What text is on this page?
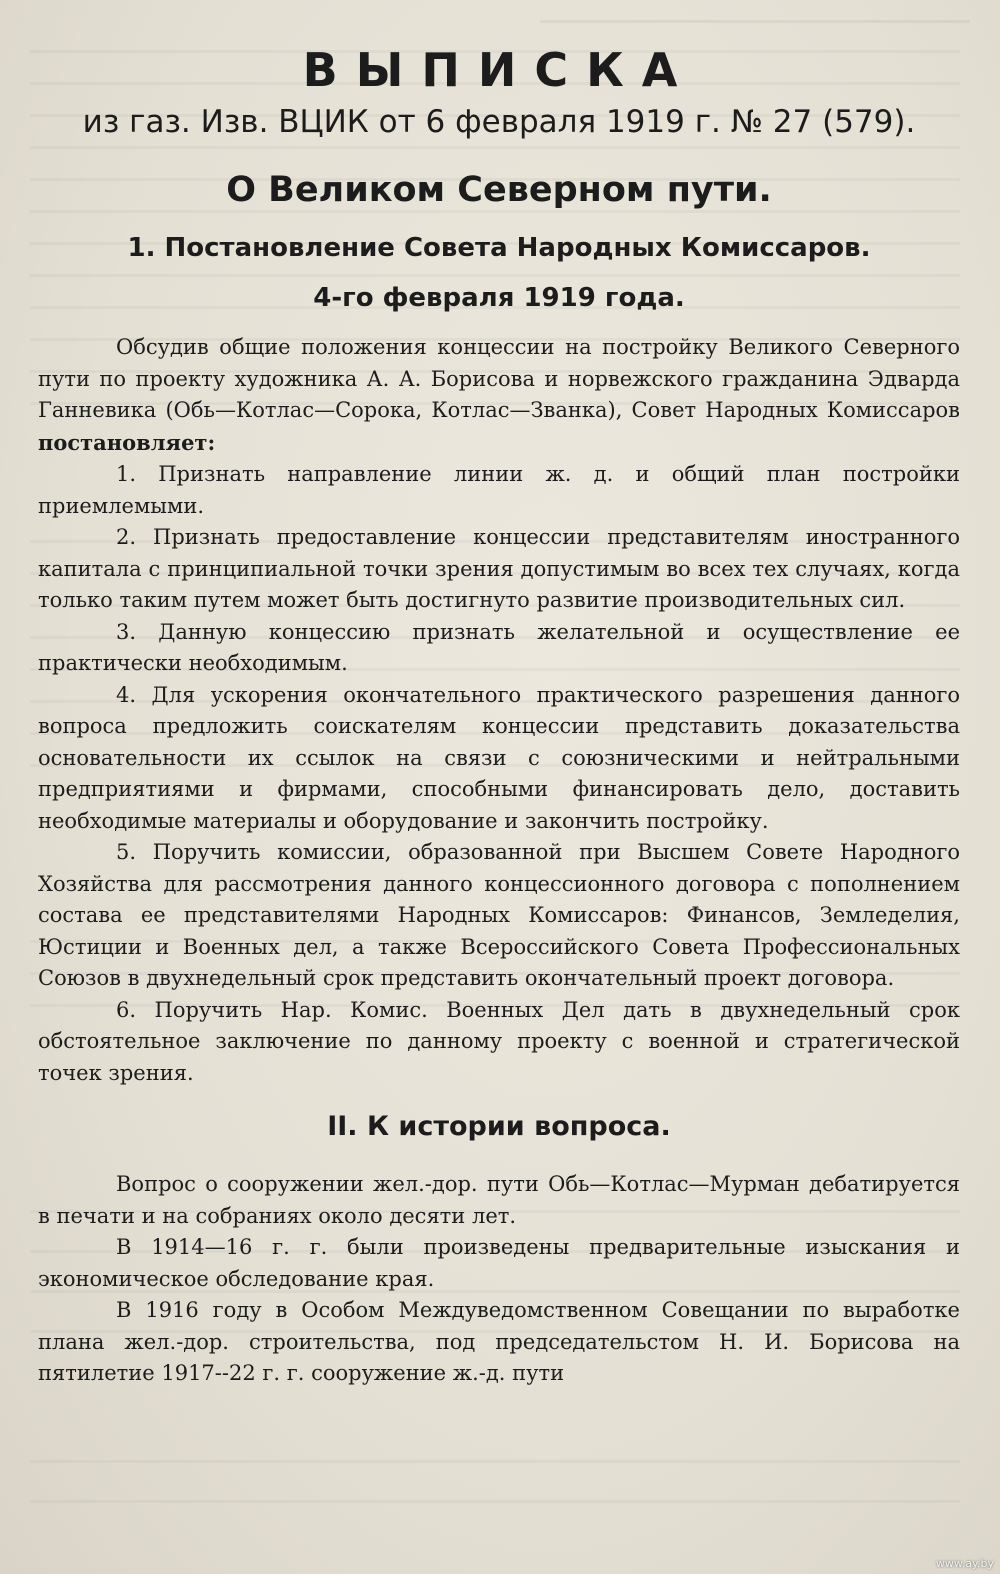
ВЫПИСКА

из газ. Изв. ВЦИК от 6 февраля 1919 г. № 27 (579).

О Великом Северном пути.
1. Постановление Совета Народных Комиссаров.

4-го февраля 1919 года.

Обсудив общие положения концессии на постройку Великого Северного пути по проекту художника А. А. Борисова и норвежского гражданина Эдварда Ганневика (Обь—Котлас—Сорока, Котлас—Званка), Совет Народных Комиссаров постановляет:

1. Признать направление линии ж. д. и общий план постройки приемлемыми.

2. Признать предоставление концессии представителям иностранного капитала с принципиальной точки зрения допустимым во всех тех случаях, когда только таким путем может быть достигнуто развитие производительных сил.

3. Данную концессию признать желательной и осуществление ее практически необходимым.

4. Для ускорения окончательного практического разрешения данного вопроса предложить соискателям концессии представить доказательства основательности их ссылок на связи с союзническими и нейтральными предприятиями и фирмами, способными финансировать дело, доставить необходимые материалы и оборудование и закончить постройку.

5. Поручить комиссии, образованной при Высшем Совете Народного Хозяйства для рассмотрения данного концессионного договора с пополнением состава ее представителями Народных Комиссаров: Финансов, Земледелия, Юстиции и Военных дел, а также Всероссийского Совета Профессиональных Союзов в двухнедельный срок представить окончательный проект договора.

6. Поручить Нар. Комис. Военных Дел дать в двухнедельный срок обстоятельное заключение по данному проекту с военной и стратегической точек зрения.

II. К истории вопроса.

Вопрос о сооружении жел.-дор. пути Обь—Котлас—Мурман дебатируется в печати и на собраниях около десяти лет.

В 1914—16 г. г. были произведены предварительные изыскания и экономическое обследование края.

В 1916 году в Особом Междуведомственном Совещании по выработке плана жел.-дор. строительства, под председательстом Н. И. Борисова на пятилетие 1917--22 г. г. сооружение ж.-д. пути

www.ay.by
